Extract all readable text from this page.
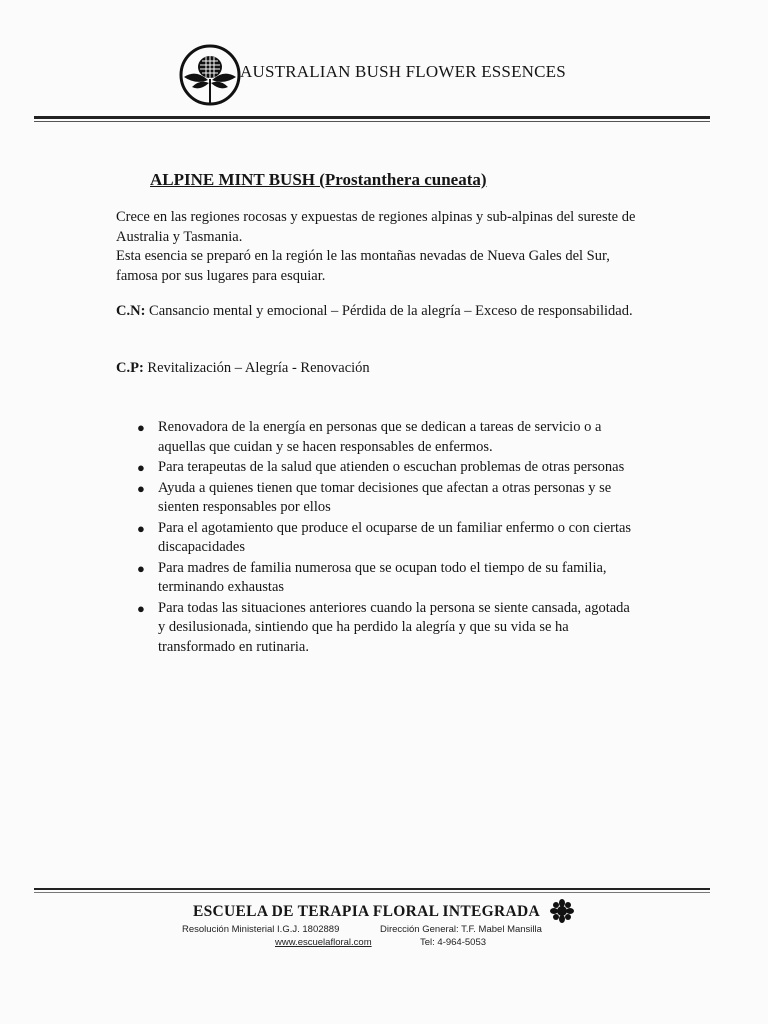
AUSTRALIAN BUSH FLOWER ESSENCES
ALPINE MINT BUSH (Prostanthera cuneata)
Crece en las regiones rocosas y expuestas de regiones alpinas y sub-alpinas del sureste de Australia y Tasmania.
Esta esencia se preparó en la región le las montañas nevadas de Nueva Gales del Sur, famosa por sus lugares para esquiar.
C.N: Cansancio mental y emocional – Pérdida de la alegría – Exceso de responsabilidad.
C.P: Revitalización – Alegría - Renovación
● Renovadora de la energía en personas que se dedican a tareas de servicio o a aquellas que cuidan y se hacen responsables de enfermos.
● Para terapeutas de la salud que atienden o escuchan problemas de otras personas
● Ayuda a quienes tienen que tomar decisiones que afectan a otras personas y se sienten responsables por ellos
● Para el agotamiento que produce el ocuparse de un familiar enfermo o con ciertas discapacidades
● Para madres de familia numerosa que se ocupan todo el tiempo de su familia, terminando exhaustas
● Para todas las situaciones anteriores cuando la persona se siente cansada, agotada y desilusionada, sintiendo que ha perdido la alegría y que su vida se ha transformado en rutinaria.
ESCUELA DE TERAPIA FLORAL INTEGRADA
Resolución Ministerial I.G.J. 1802889	Dirección General: T.F. Mabel Mansilla
www.escuelafloral.com	Tel: 4-964-5053
